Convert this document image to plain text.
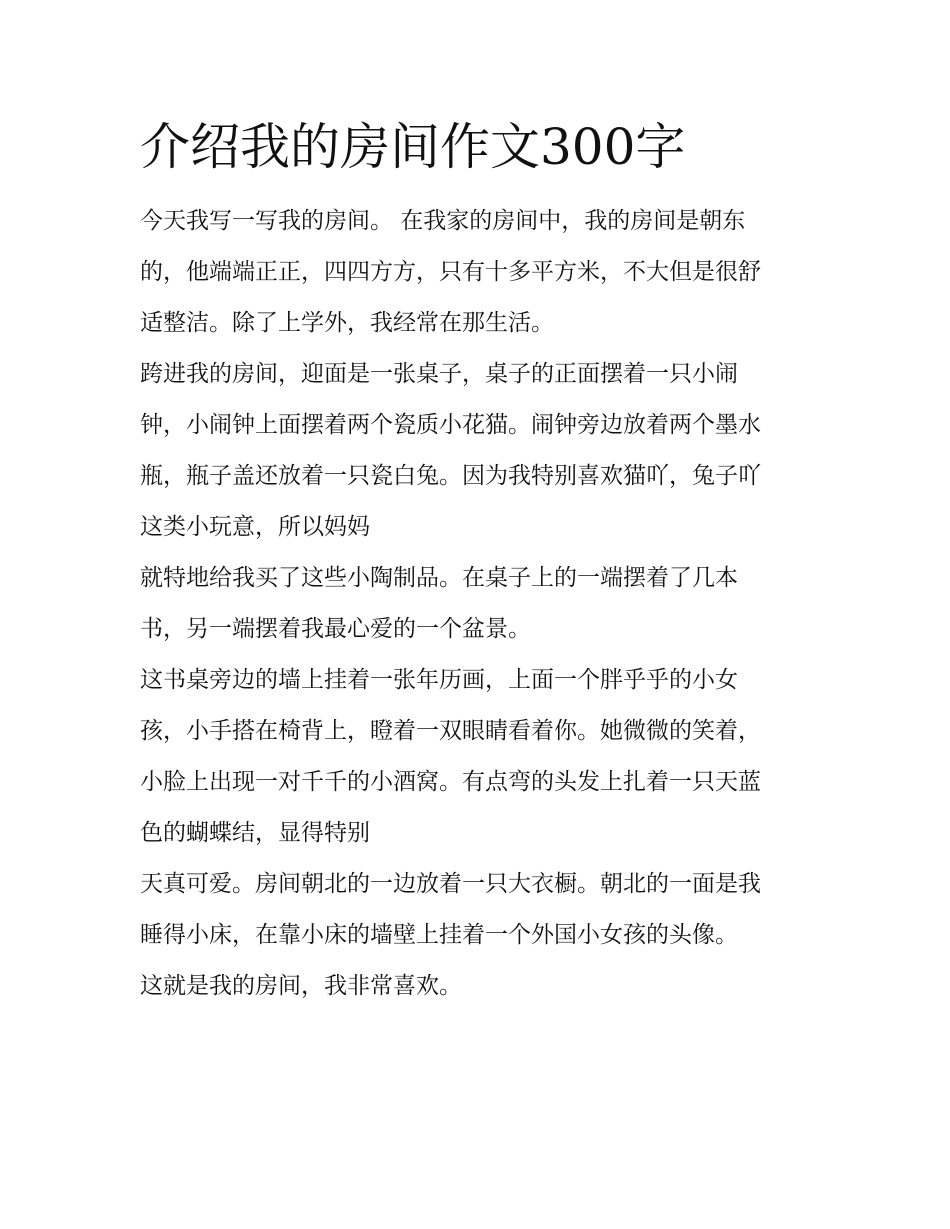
介绍我的房间作文300字
今天我写一写我的房间。 在我家的房间中，我的房间是朝东
的，他端端正正，四四方方，只有十多平方米，不大但是很舒
适整洁。除了上学外，我经常在那生活。
跨进我的房间，迎面是一张桌子，桌子的正面摆着一只小闹
钟，小闹钟上面摆着两个瓷质小花猫。闹钟旁边放着两个墨水
瓶，瓶子盖还放着一只瓷白兔。因为我特别喜欢猫吖，兔子吖
这类小玩意，所以妈妈
就特地给我买了这些小陶制品。在桌子上的一端摆着了几本
书，另一端摆着我最心爱的一个盆景。
这书桌旁边的墙上挂着一张年历画，上面一个胖乎乎的小女
孩，小手搭在椅背上，瞪着一双眼睛看着你。她微微的笑着，
小脸上出现一对千千的小酒窝。有点弯的头发上扎着一只天蓝
色的蝴蝶结，显得特别
天真可爱。房间朝北的一边放着一只大衣橱。朝北的一面是我
睡得小床，在靠小床的墙壁上挂着一个外国小女孩的头像。
这就是我的房间，我非常喜欢。
